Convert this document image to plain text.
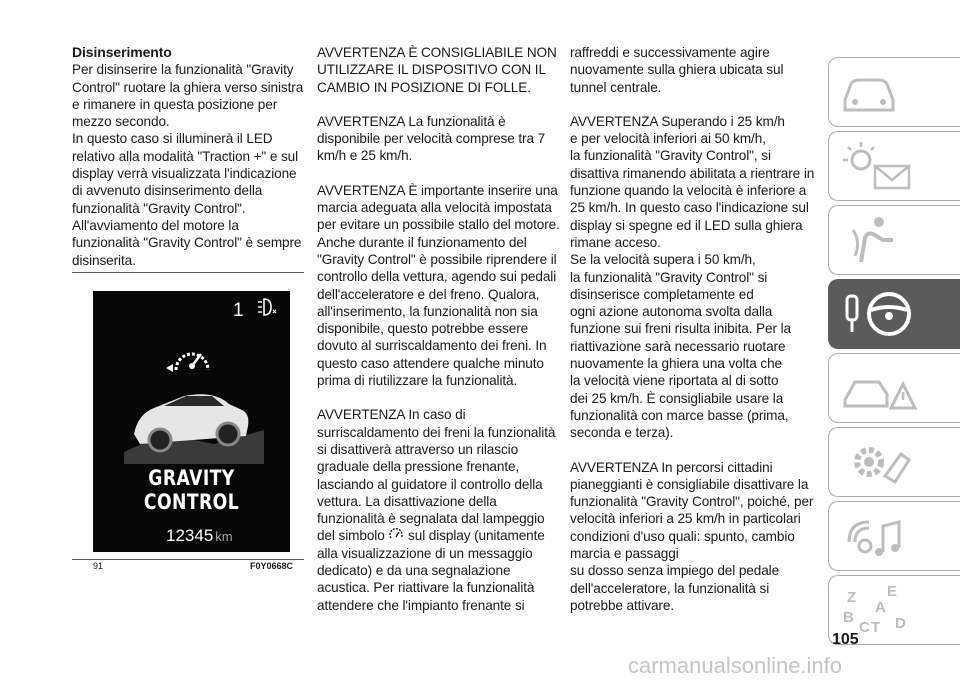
Disinserimento

Per disinserire la funzionalità "Gravity Control" ruotare la ghiera verso sinistra e rimanere in questa posizione per mezzo secondo.

In questo caso si illuminerà il LED relativo alla modalità "Traction +" e sul display verrà visualizzata l'indicazione di avvenuto disinserimento della funzionalità "Gravity Control".

All'avviamento del motore la funzionalità "Gravity Control" è sempre disinserita.

1
GRAVITY CONTROL
12345 km
91	F0Y0668C

AVVERTENZA È CONSIGLIABILE NON UTILIZZARE IL DISPOSITIVO CON IL CAMBIO IN POSIZIONE DI FOLLE.

AVVERTENZA La funzionalità è disponibile per velocità comprese tra 7 km/h e 25 km/h.

AVVERTENZA È importante inserire una marcia adeguata alla velocità impostata per evitare un possibile stallo del motore. Anche durante il funzionamento del "Gravity Control" è possibile riprendere il controllo della vettura, agendo sui pedali dell'acceleratore e del freno. Qualora, all'inserimento, la funzionalità non sia disponibile, questo potrebbe essere dovuto al surriscaldamento dei freni. In questo caso attendere qualche minuto prima di riutilizzare la funzionalità.

AVVERTENZA In caso di surriscaldamento dei freni la funzionalità si disattiverà attraverso un rilascio graduale della pressione frenante, lasciando al guidatore il controllo della vettura. La disattivazione della funzionalità è segnalata dal lampeggio del simbolo  sul display (unitamente alla visualizzazione di un messaggio dedicato) e da una segnalazione acustica. Per riattivare la funzionalità attendere che l'impianto frenante si

raffreddi e successivamente agire nuovamente sulla ghiera ubicata sul tunnel centrale.

AVVERTENZA Superando i 25 km/h
e per velocità inferiori ai 50 km/h,
la funzionalità "Gravity Control", si disattiva rimanendo abilitata a rientrare in funzione quando la velocità è inferiore a 25 km/h. In questo caso l'indicazione sul display si spegne ed il LED sulla ghiera rimane acceso.
Se la velocità supera i 50 km/h,
la funzionalità "Gravity Control" si disinserisce completamente ed
ogni azione autonoma svolta dalla funzione sui freni risulta inibita. Per la riattivazione sarà necessario ruotare nuovamente la ghiera una volta che
la velocità viene riportata al di sotto
dei 25 km/h. È consigliabile usare la funzionalità con marce basse (prima, seconda e terza).

AVVERTENZA In percorsi cittadini pianeggianti è consigliabile disattivare la funzionalità "Gravity Control", poiché, per velocità inferiori a 25 km/h in particolari condizioni d'uso quali: spunto, cambio marcia e passaggi
su dosso senza impiego del pedale dell'acceleratore, la funzionalità si potrebbe attivare.	Z E
B
A
C T D
105
carmanualsonline.info
